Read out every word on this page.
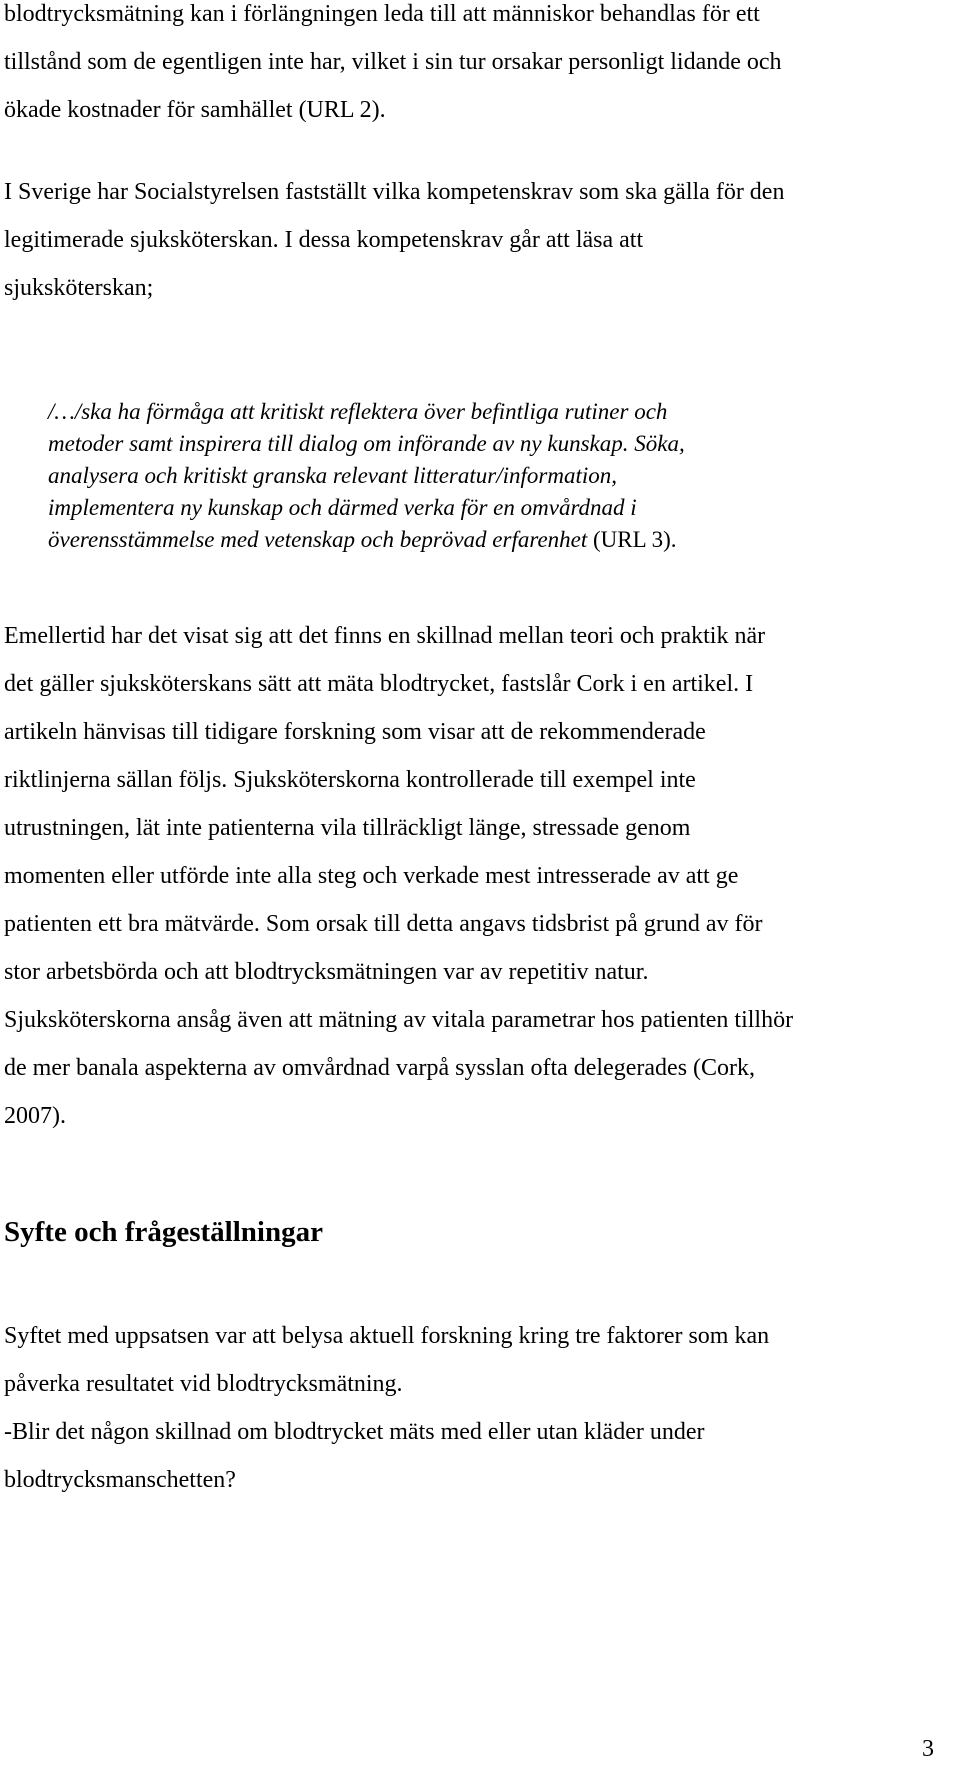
blodtrycksmätning kan i förlängningen leda till att människor behandlas för ett
tillstånd som de egentligen inte har, vilket i sin tur orsakar personligt lidande och
ökade kostnader för samhället (URL 2).

I Sverige har Socialstyrelsen fastställt vilka kompetenskrav som ska gälla för den
legitimerade sjuksköterskan. I dessa kompetenskrav går att läsa att
sjuksköterskan;

/…/ska ha förmåga att kritiskt reflektera över befintliga rutiner och
metoder samt inspirera till dialog om införande av ny kunskap. Söka,
analysera och kritiskt granska relevant litteratur/information,
implementera ny kunskap och därmed verka för en omvårdnad i
överensstämmelse med vetenskap och beprövad erfarenhet (URL 3).

Emellertid har det visat sig att det finns en skillnad mellan teori och praktik när
det gäller sjuksköterskans sätt att mäta blodtrycket, fastslår Cork i en artikel. I
artikeln hänvisas till tidigare forskning som visar att de rekommenderade
riktlinjerna sällan följs. Sjuksköterskorna kontrollerade till exempel inte
utrustningen, lät inte patienterna vila tillräckligt länge, stressade genom
momenten eller utförde inte alla steg och verkade mest intresserade av att ge
patienten ett bra mätvärde. Som orsak till detta angavs tidsbrist på grund av för
stor arbetsbörda och att blodtrycksmätningen var av repetitiv natur.
Sjuksköterskorna ansåg även att mätning av vitala parametrar hos patienten tillhör
de mer banala aspekterna av omvårdnad varpå sysslan ofta delegerades (Cork,
2007).

Syfte och frågeställningar

Syftet med uppsatsen var att belysa aktuell forskning kring tre faktorer som kan
påverka resultatet vid blodtrycksmätning.
-Blir det någon skillnad om blodtrycket mäts med eller utan kläder under
blodtrycksmanschetten?

3
